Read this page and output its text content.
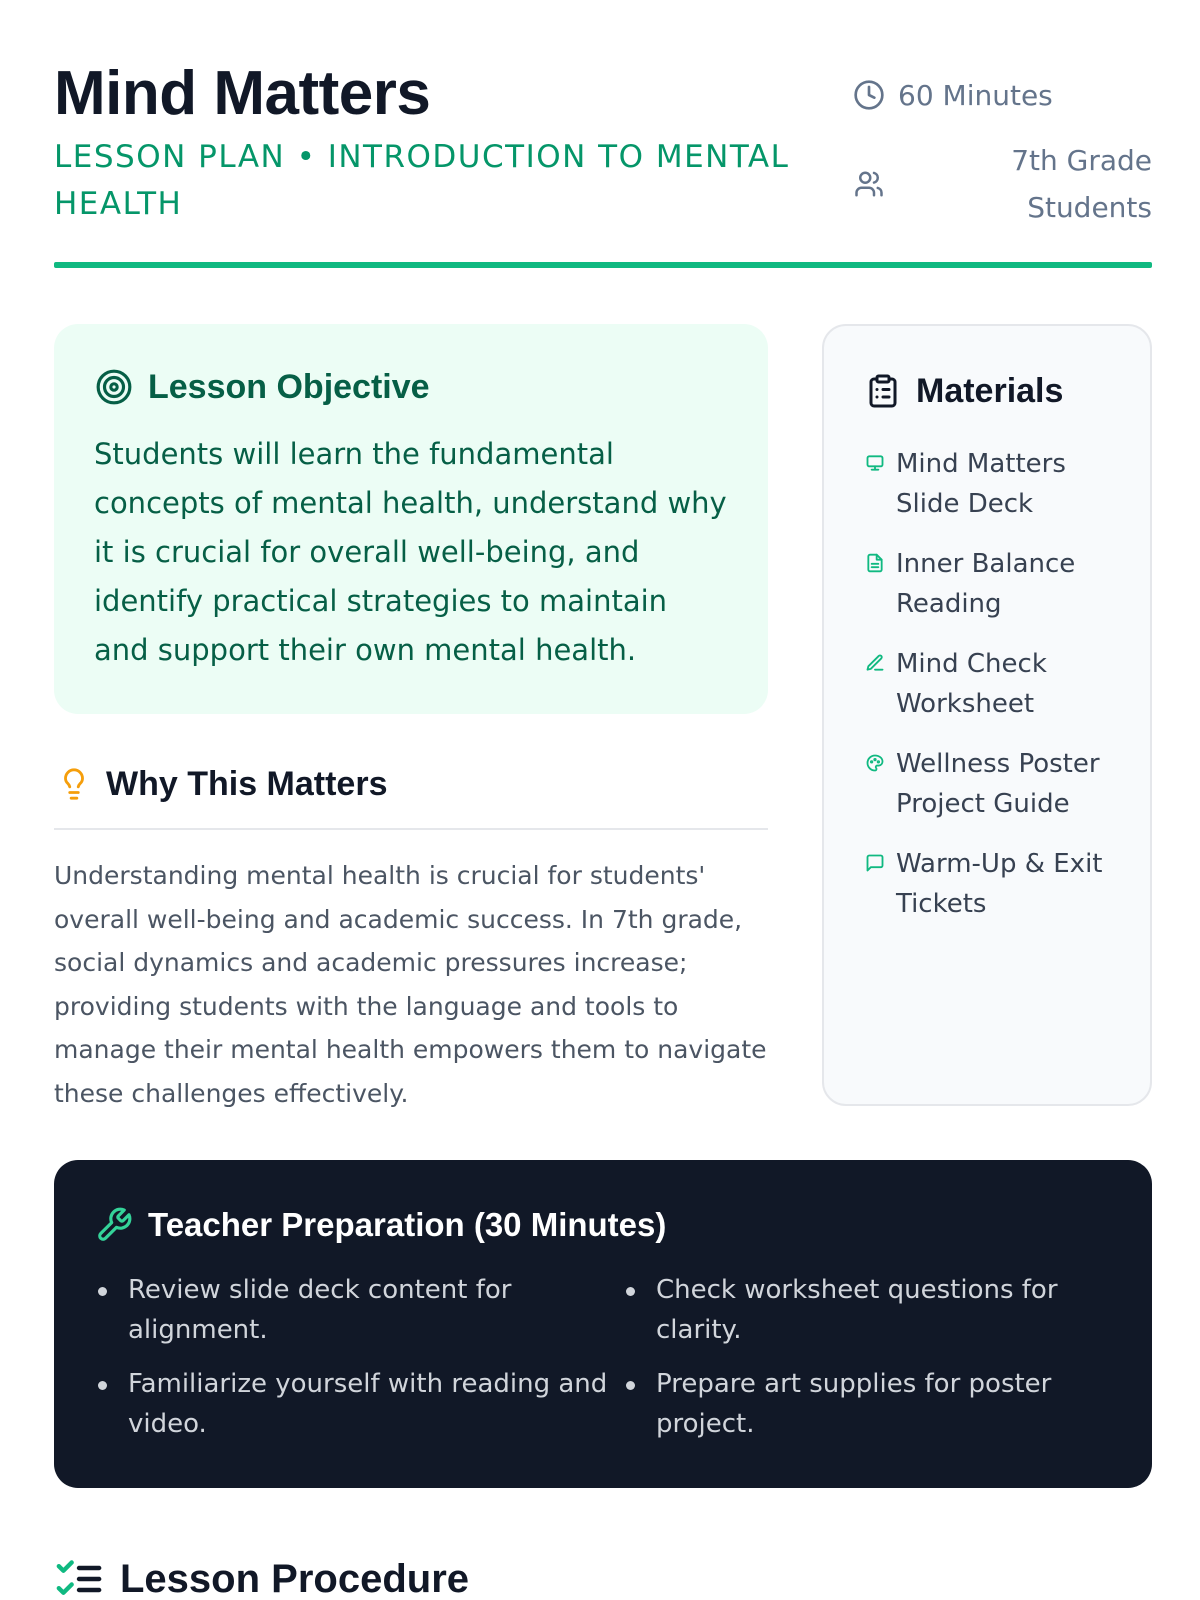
Mind Matters
LESSON PLAN • INTRODUCTION TO MENTAL HEALTH
60 Minutes
7th Grade Students
Lesson Objective

Students will learn the fundamental concepts of mental health, understand why it is crucial for overall well-being, and identify practical strategies to maintain and support their own mental health.

Why This Matters

Understanding mental health is crucial for students' overall well-being and academic success. In 7th grade, social dynamics and academic pressures increase; providing students with the language and tools to manage their mental health empowers them to navigate these challenges effectively.

Materials
Mind Matters Slide Deck
Inner Balance Reading
Mind Check Worksheet
Wellness Poster Project Guide
Warm-Up & Exit Tickets
Teacher Preparation (30 Minutes)
Review slide deck content for alignment.
Check worksheet questions for clarity.
Familiarize yourself with reading and video.
Prepare art supplies for poster project.
Lesson Procedure
